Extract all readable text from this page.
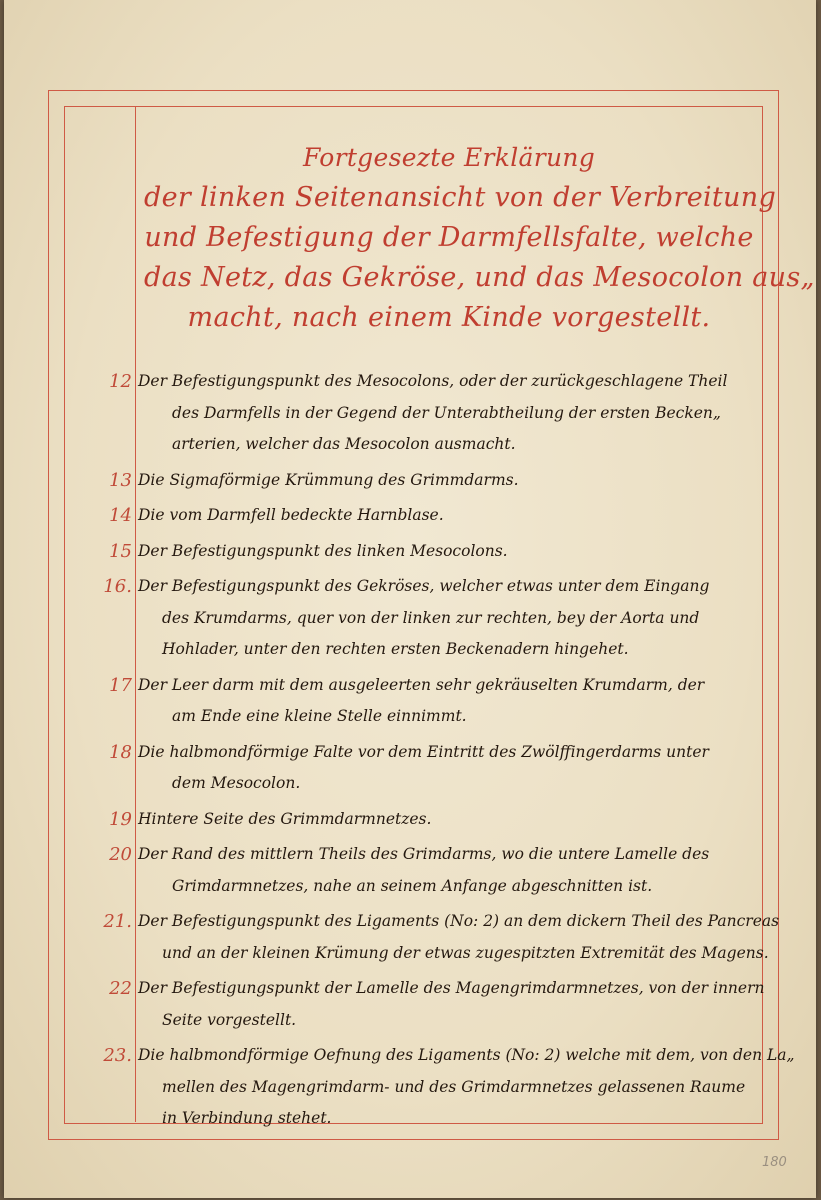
Fortgesezte Erklärung
der linken Seitenansicht von der Verbreitung
und Befestigung der Darmfellsfalte, welche
das Netz, das Gekröse, und das Mesocolon aus„
macht, nach einem Kinde vorgestellt.
12 Der Befestigungspunkt des Mesocolons, oder der zurückgeschlagene Theil
des Darmfells in der Gegend der Unterabtheilung der ersten Becken„
arterien, welcher das Mesocolon ausmacht.
13 Die Sigmaförmige Krümmung des Grimmdarms.
14 Die vom Darmfell bedeckte Harnblase.
15 Der Befestigungspunkt des linken Mesocolons.
16. Der Befestigungspunkt des Gekröses, welcher etwas unter dem Eingang
des Krumdarms, quer von der linken zur rechten, bey der Aorta und
Hohlader, unter den rechten ersten Beckenadern hingehet.
17 Der Leer darm mit dem ausgeleerten sehr gekräuselten Krumdarm, der
am Ende eine kleine Stelle einnimmt.
18 Die halbmondförmige Falte vor dem Eintritt des Zwölffingerdarms unter
dem Mesocolon.
19 Hintere Seite des Grimmdarmnetzes.
20 Der Rand des mittlern Theils des Grimdarms, wo die untere Lamelle des
Grimdarmnetzes, nahe an seinem Anfange abgeschnitten ist.
21. Der Befestigungspunkt des Ligaments (No: 2) an dem dickern Theil des Pancreas
und an der kleinen Krümung der etwas zugespitzten Extremität des Magens.
22 Der Befestigungspunkt der Lamelle des Magengrimdarmnetzes, von der innern
Seite vorgestellt.
23. Die halbmondförmige Oefnung des Ligaments (No: 2) welche mit dem, von den La„
mellen des Magengrimdarm- und des Grimdarmnetzes gelassenen Raume
in Verbindung stehet.
180
